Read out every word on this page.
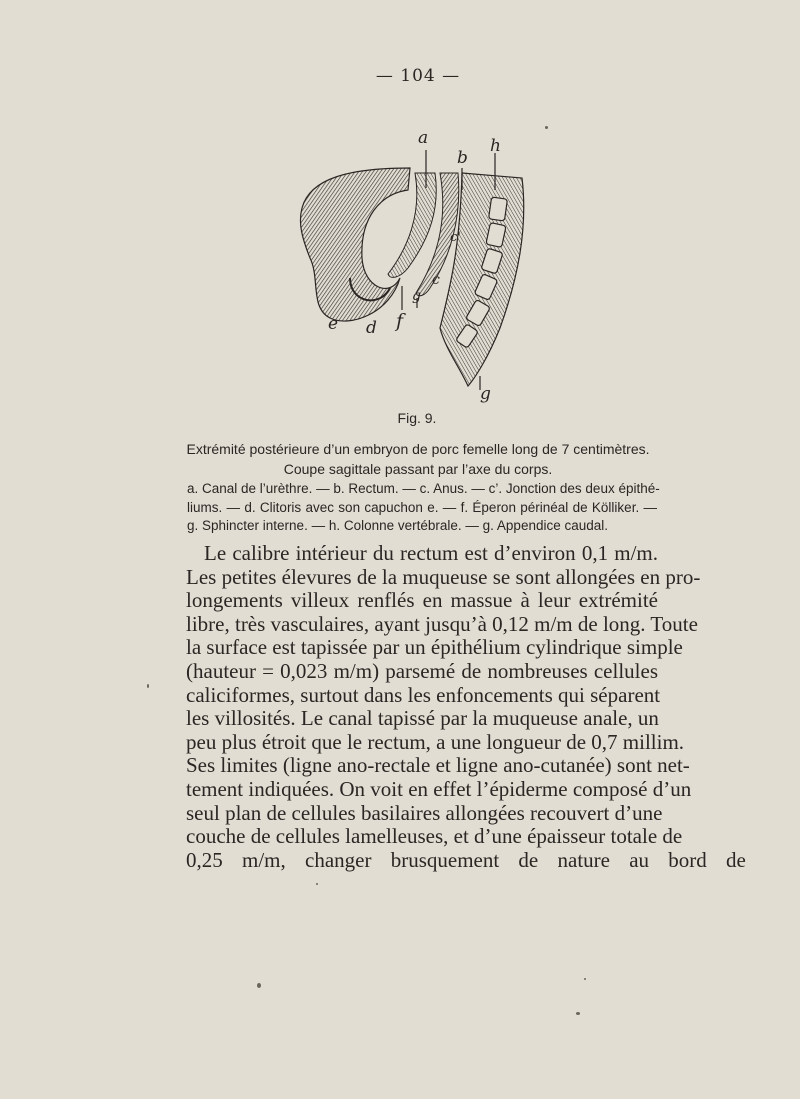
— 104 —
a
b
h
c'
c
g
e d f
g
Fig. 9.
Extrémité postérieure d’un embryon de porc femelle long de 7 centimètres.
Coupe sagittale passant par l’axe du corps.
a. Canal de l’urèthre. — b. Rectum. — c. Anus. — c’. Jonction des deux épithé-
liums. — d. Clitoris avec son capuchon e. — f. Éperon périnéal de Kölliker. —
g. Sphincter interne. — h. Colonne vertébrale. — g. Appendice caudal.
Le calibre intérieur du rectum est d’environ 0,1 m/m.
Les petites élevures de la muqueuse se sont allongées en pro-
longements villeux renflés en massue à leur extrémité
libre, très vasculaires, ayant jusqu’à 0,12 m/m de long. Toute
la surface est tapissée par un épithélium cylindrique simple
(hauteur = 0,023 m/m) parsemé de nombreuses cellules
caliciformes, surtout dans les enfoncements qui séparent
les villosités. Le canal tapissé par la muqueuse anale, un
peu plus étroit que le rectum, a une longueur de 0,7 millim.
Ses limites (ligne ano-rectale et ligne ano-cutanée) sont net-
tement indiquées. On voit en effet l’épiderme composé d’un
seul plan de cellules basilaires allongées recouvert d’une
couche de cellules lamelleuses, et d’une épaisseur totale de
0,25 m/m, changer brusquement de nature au bord de
